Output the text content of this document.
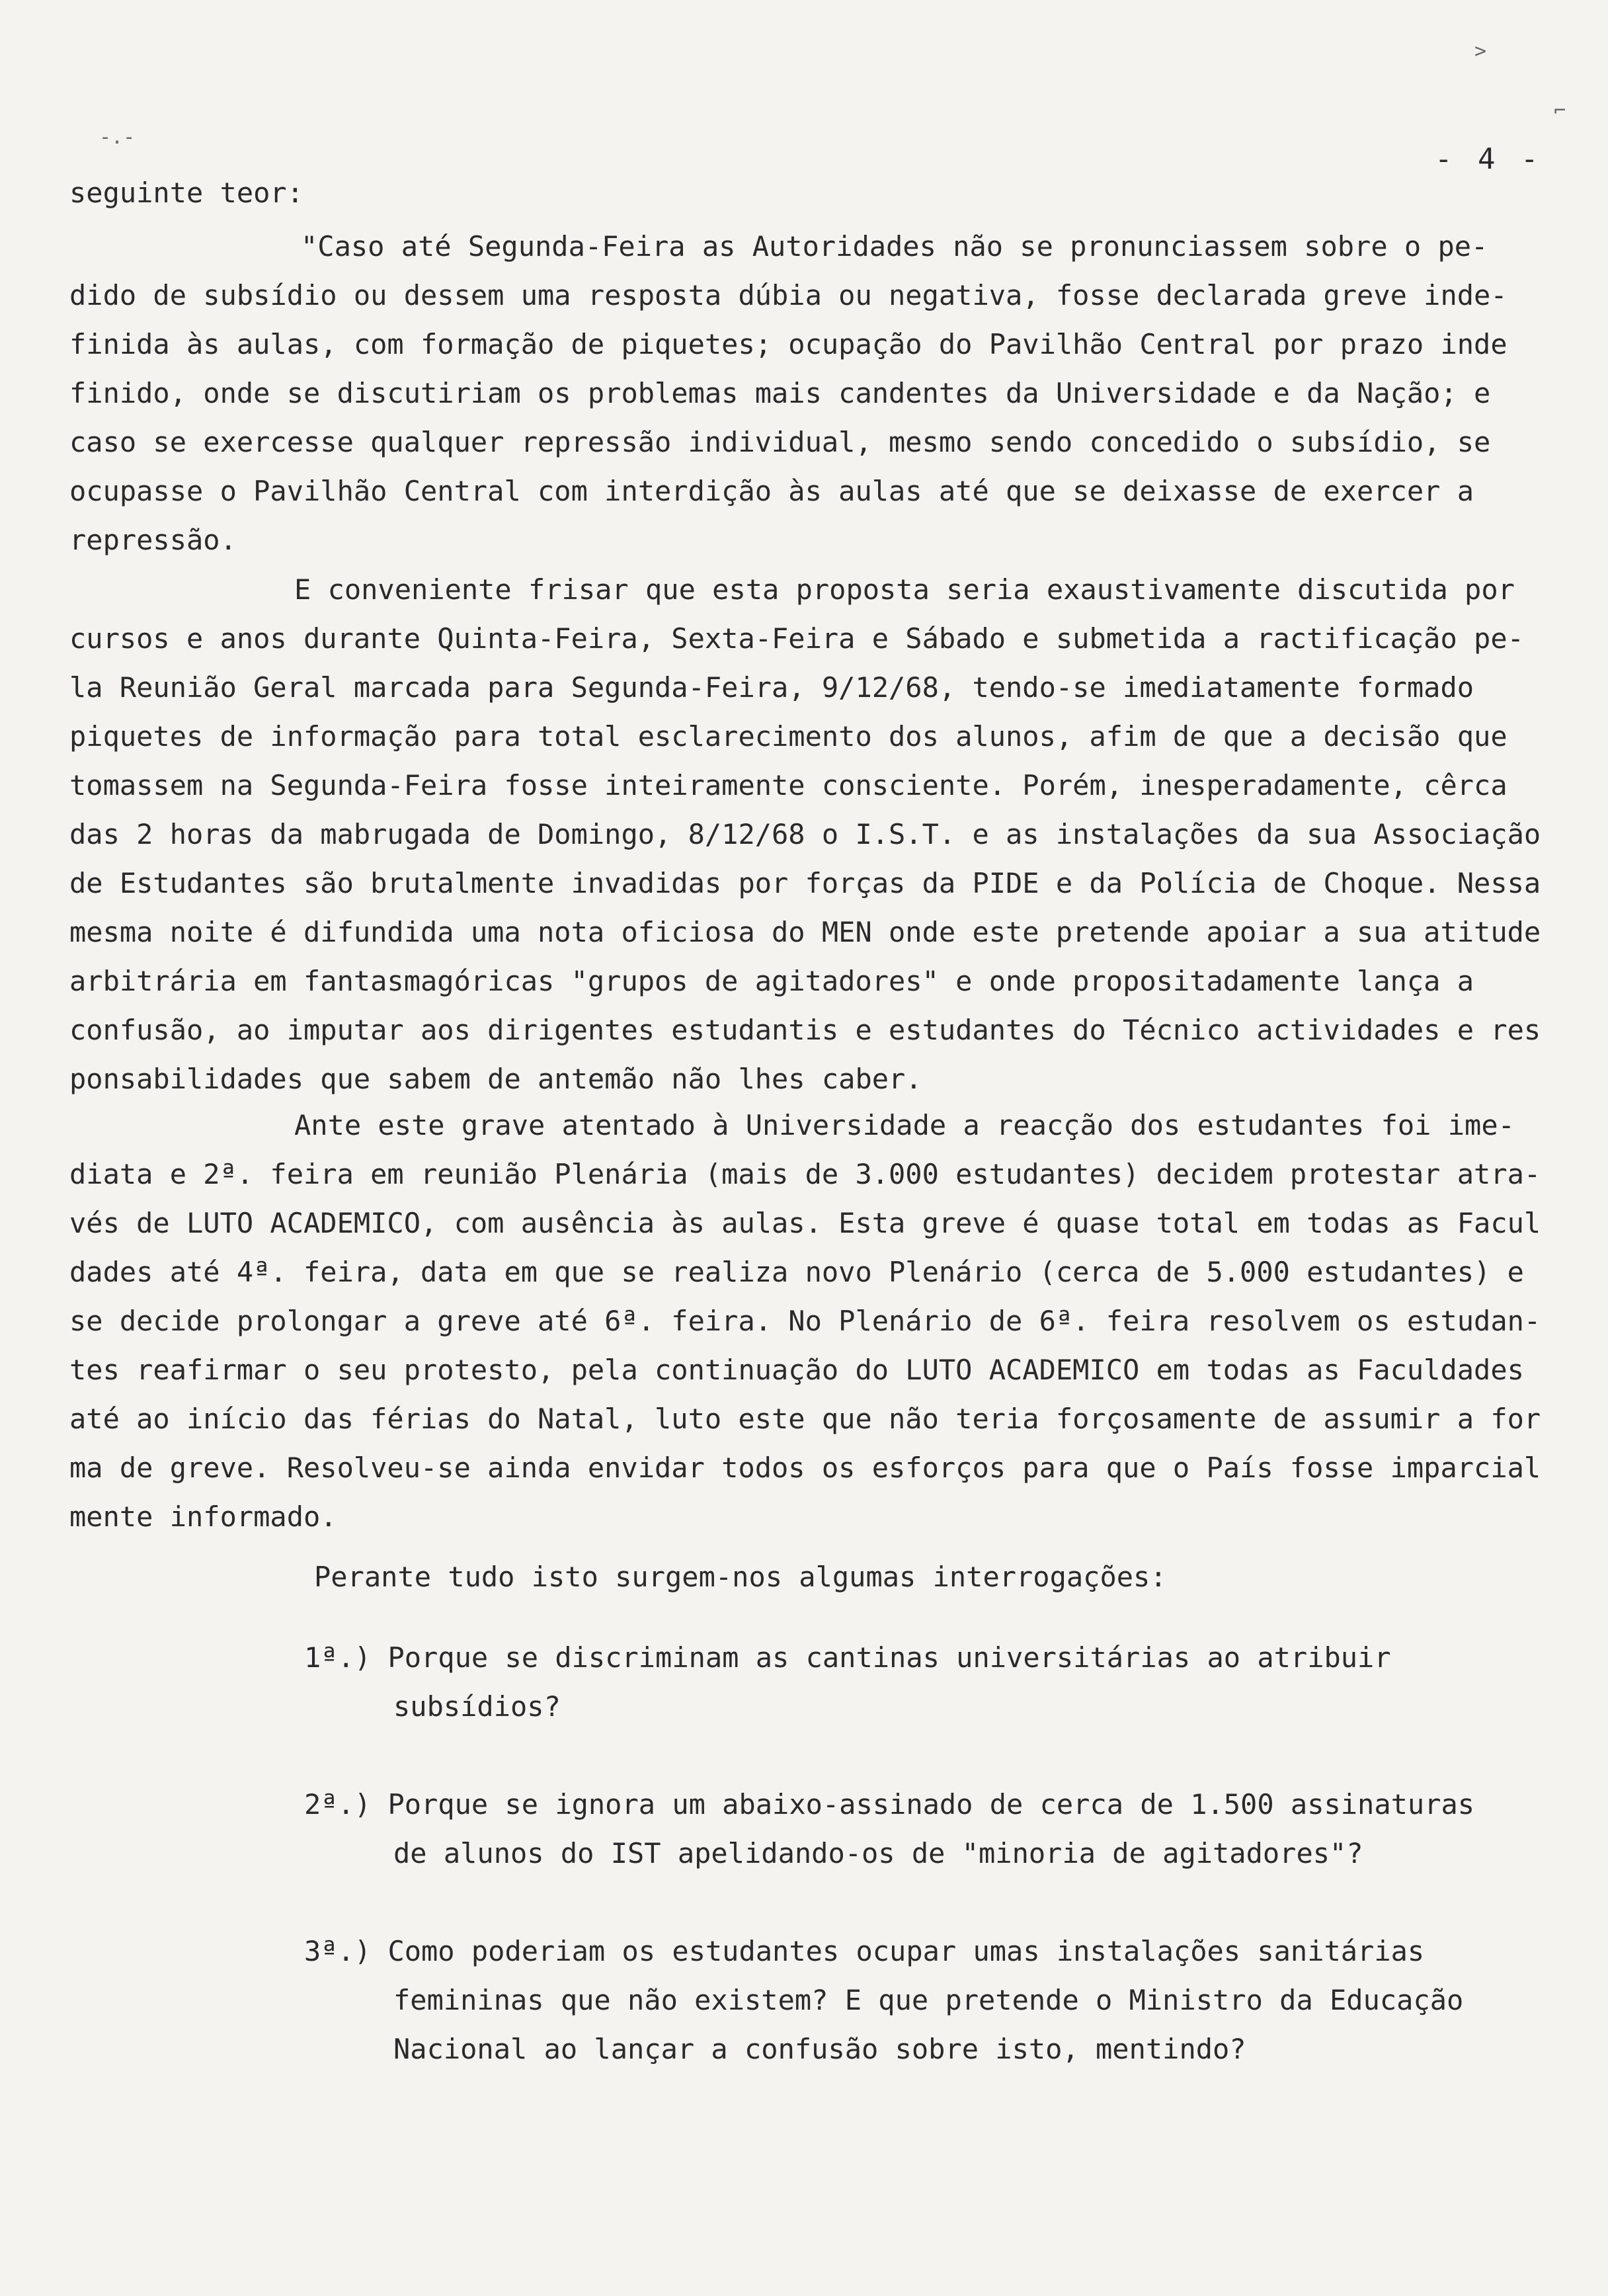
>
⌐
-.-
- 4 -
seguinte teor:
"Caso até Segunda-Feira as Autoridades não se pronunciassem sobre o pe-
dido de subsídio ou dessem uma resposta dúbia ou negativa, fosse declarada greve inde-
finida às aulas, com formação de piquetes; ocupação do Pavilhão Central por prazo inde
finido, onde se discutiriam os problemas mais candentes da Universidade e da Nação; e
caso se exercesse qualquer repressão individual, mesmo sendo concedido o subsídio, se
ocupasse o Pavilhão Central com interdição às aulas até que se deixasse de exercer a
repressão.
E conveniente frisar que esta proposta seria exaustivamente discutida por
cursos e anos durante Quinta-Feira, Sexta-Feira e Sábado e submetida a ractificação pe-
la Reunião Geral marcada para Segunda-Feira, 9/12/68, tendo-se imediatamente formado
piquetes de informação para total esclarecimento dos alunos, afim de que a decisão que
tomassem na Segunda-Feira fosse inteiramente consciente. Porém, inesperadamente, cêrca
das 2 horas da mabrugada de Domingo, 8/12/68 o I.S.T. e as instalações da sua Associação
de Estudantes são brutalmente invadidas por forças da PIDE e da Polícia de Choque. Nessa
mesma noite é difundida uma nota oficiosa do MEN onde este pretende apoiar a sua atitude
arbitrária em fantasmagóricas "grupos de agitadores" e onde propositadamente lança a
confusão, ao imputar aos dirigentes estudantis e estudantes do Técnico actividades e res
ponsabilidades que sabem de antemão não lhes caber.
Ante este grave atentado à Universidade a reacção dos estudantes foi ime-
diata e 2ª. feira em reunião Plenária (mais de 3.000 estudantes) decidem protestar atra-
vés de LUTO ACADEMICO, com ausência às aulas. Esta greve é quase total em todas as Facul
dades até 4ª. feira, data em que se realiza novo Plenário (cerca de 5.000 estudantes) e
se decide prolongar a greve até 6ª. feira. No Plenário de 6ª. feira resolvem os estudan-
tes reafirmar o seu protesto, pela continuação do LUTO ACADEMICO em todas as Faculdades
até ao início das férias do Natal, luto este que não teria forçosamente de assumir a for
ma de greve. Resolveu-se ainda envidar todos os esforços para que o País fosse imparcial
mente informado.
Perante tudo isto surgem-nos algumas interrogações:
1ª.) Porque se discriminam as cantinas universitárias ao atribuir
subsídios?
2ª.) Porque se ignora um abaixo-assinado de cerca de 1.500 assinaturas
de alunos do IST apelidando-os de "minoria de agitadores"?
3ª.) Como poderiam os estudantes ocupar umas instalações sanitárias
femininas que não existem? E que pretende o Ministro da Educação
Nacional ao lançar a confusão sobre isto, mentindo?
